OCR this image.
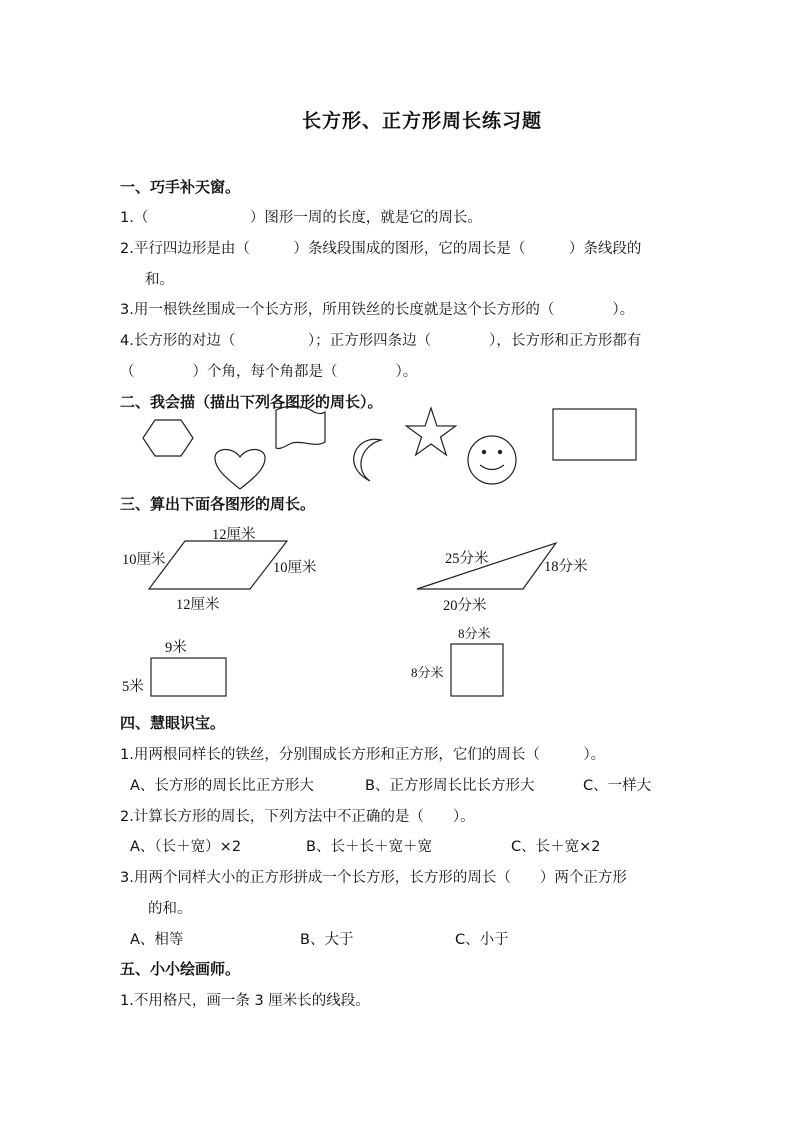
长方形、正方形周长练习题
一、巧手补天窗。
1.（　　　　　　　）图形一周的长度，就是它的周长。
2.平行四边形是由（　　　）条线段围成的图形，它的周长是（　　　）条线段的
和。
3.用一根铁丝围成一个长方形，所用铁丝的长度就是这个长方形的（　　　　）。
4.长方形的对边（　　　　　）；正方形四条边（　　　　），长方形和正方形都有
（　　　　）个角，每个角都是（　　　　）。
二、我会描（描出下列各图形的周长）。
三、算出下面各图形的周长。
12厘米
10厘米	10厘米
12厘米
25分米	18分米
20分米
9米
5米
8分米
8分米
四、慧眼识宝。
1.用两根同样长的铁丝，分别围成长方形和正方形，它们的周长（　　　）。
A、长方形的周长比正方形大	B、正方形周长比长方形大	C、一样大
2.计算长方形的周长，下列方法中不正确的是（　　）。
A、（长＋宽）×2	B、长＋长＋宽＋宽	C、长＋宽×2
3.用两个同样大小的正方形拼成一个长方形，长方形的周长（　　）两个正方形
的和。
A、相等	B、大于	C、小于
五、小小绘画师。
1.不用格尺，画一条 3 厘米长的线段。
